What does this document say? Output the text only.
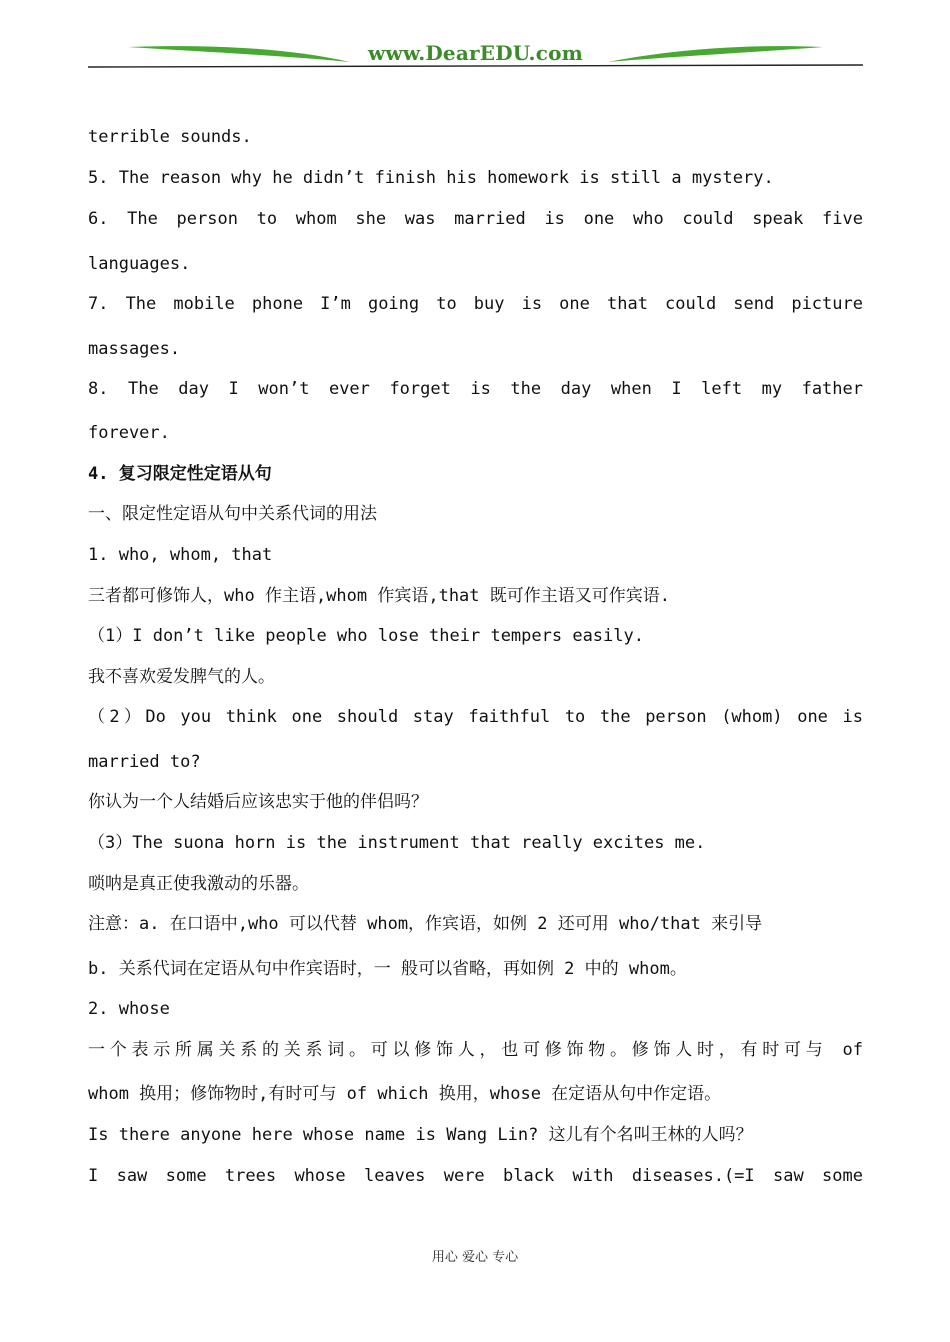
www.DearEDU.com
terrible sounds.
5. The reason why he didn’t finish his homework is still a mystery.
6. The person to whom she was married is one who could speak five
languages.
7. The mobile phone I’m going to buy is one that could send picture
massages.
8. The day I won’t ever forget is the day when I left my father
forever.
4. 复习限定性定语从句
一、限定性定语从句中关系代词的用法
1. who, whom, that
三者都可修饰人，who 作主语,whom 作宾语,that 既可作主语又可作宾语.
（1）I don’t like people who lose their tempers easily.
我不喜欢爱发脾气的人。
（2）Do you think one should stay faithful to the person (whom) one is
married to?
你认为一个人结婚后应该忠实于他的伴侣吗？
（3）The suona horn is the instrument that really excites me.
唢呐是真正使我激动的乐器。
注意：a. 在口语中,who 可以代替 whom，作宾语，如例 2 还可用 who/that 来引导
b. 关系代词在定语从句中作宾语时，一 般可以省略，再如例 2 中的 whom。
2. whose
一个表示所属关系的关系词。可以修饰人，也可修饰物。修饰人时，有时可与 of
whom 换用；修饰物时,有时可与 of which 换用，whose 在定语从句中作定语。
Is there anyone here whose name is Wang Lin? 这儿有个名叫王林的人吗？
I saw some trees whose leaves were black with diseases.(=I saw some
用心 爱心 专心
